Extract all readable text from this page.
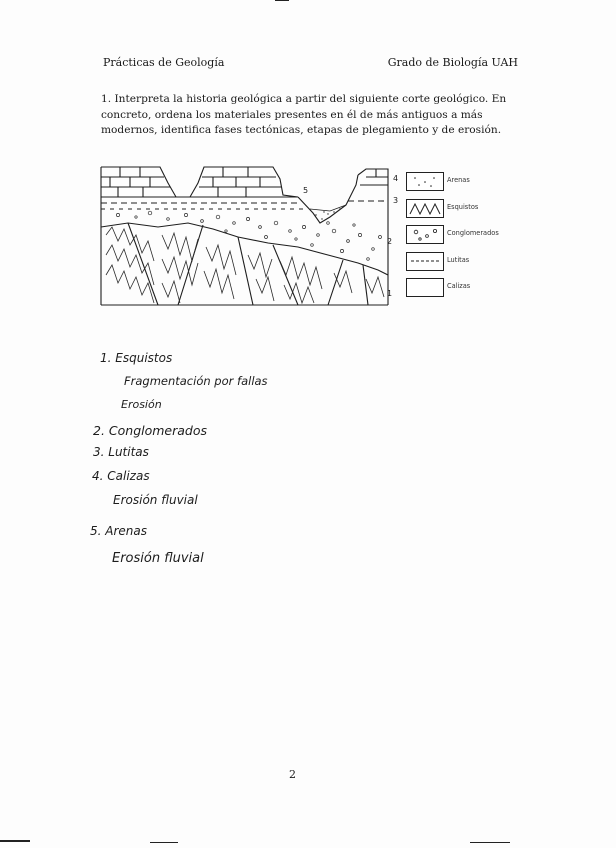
Prácticas de Geología	Grado de Biología UAH
1. Interpreta la historia geológica a partir del siguiente corte geológico. En concreto, ordena los materiales presentes en él de más antiguos a más modernos, identifica fases tectónicas, etapas de plegamiento y de erosión.
5
4
3
2
1
Arenas
Esquistos
Conglomerados
Lutitas
Calizas
1. Esquistos
Fragmentación por fallas
Erosión
2. Conglomerados
3. Lutitas
4. Calizas
Erosión fluvial
5. Arenas
Erosión fluvial
2
